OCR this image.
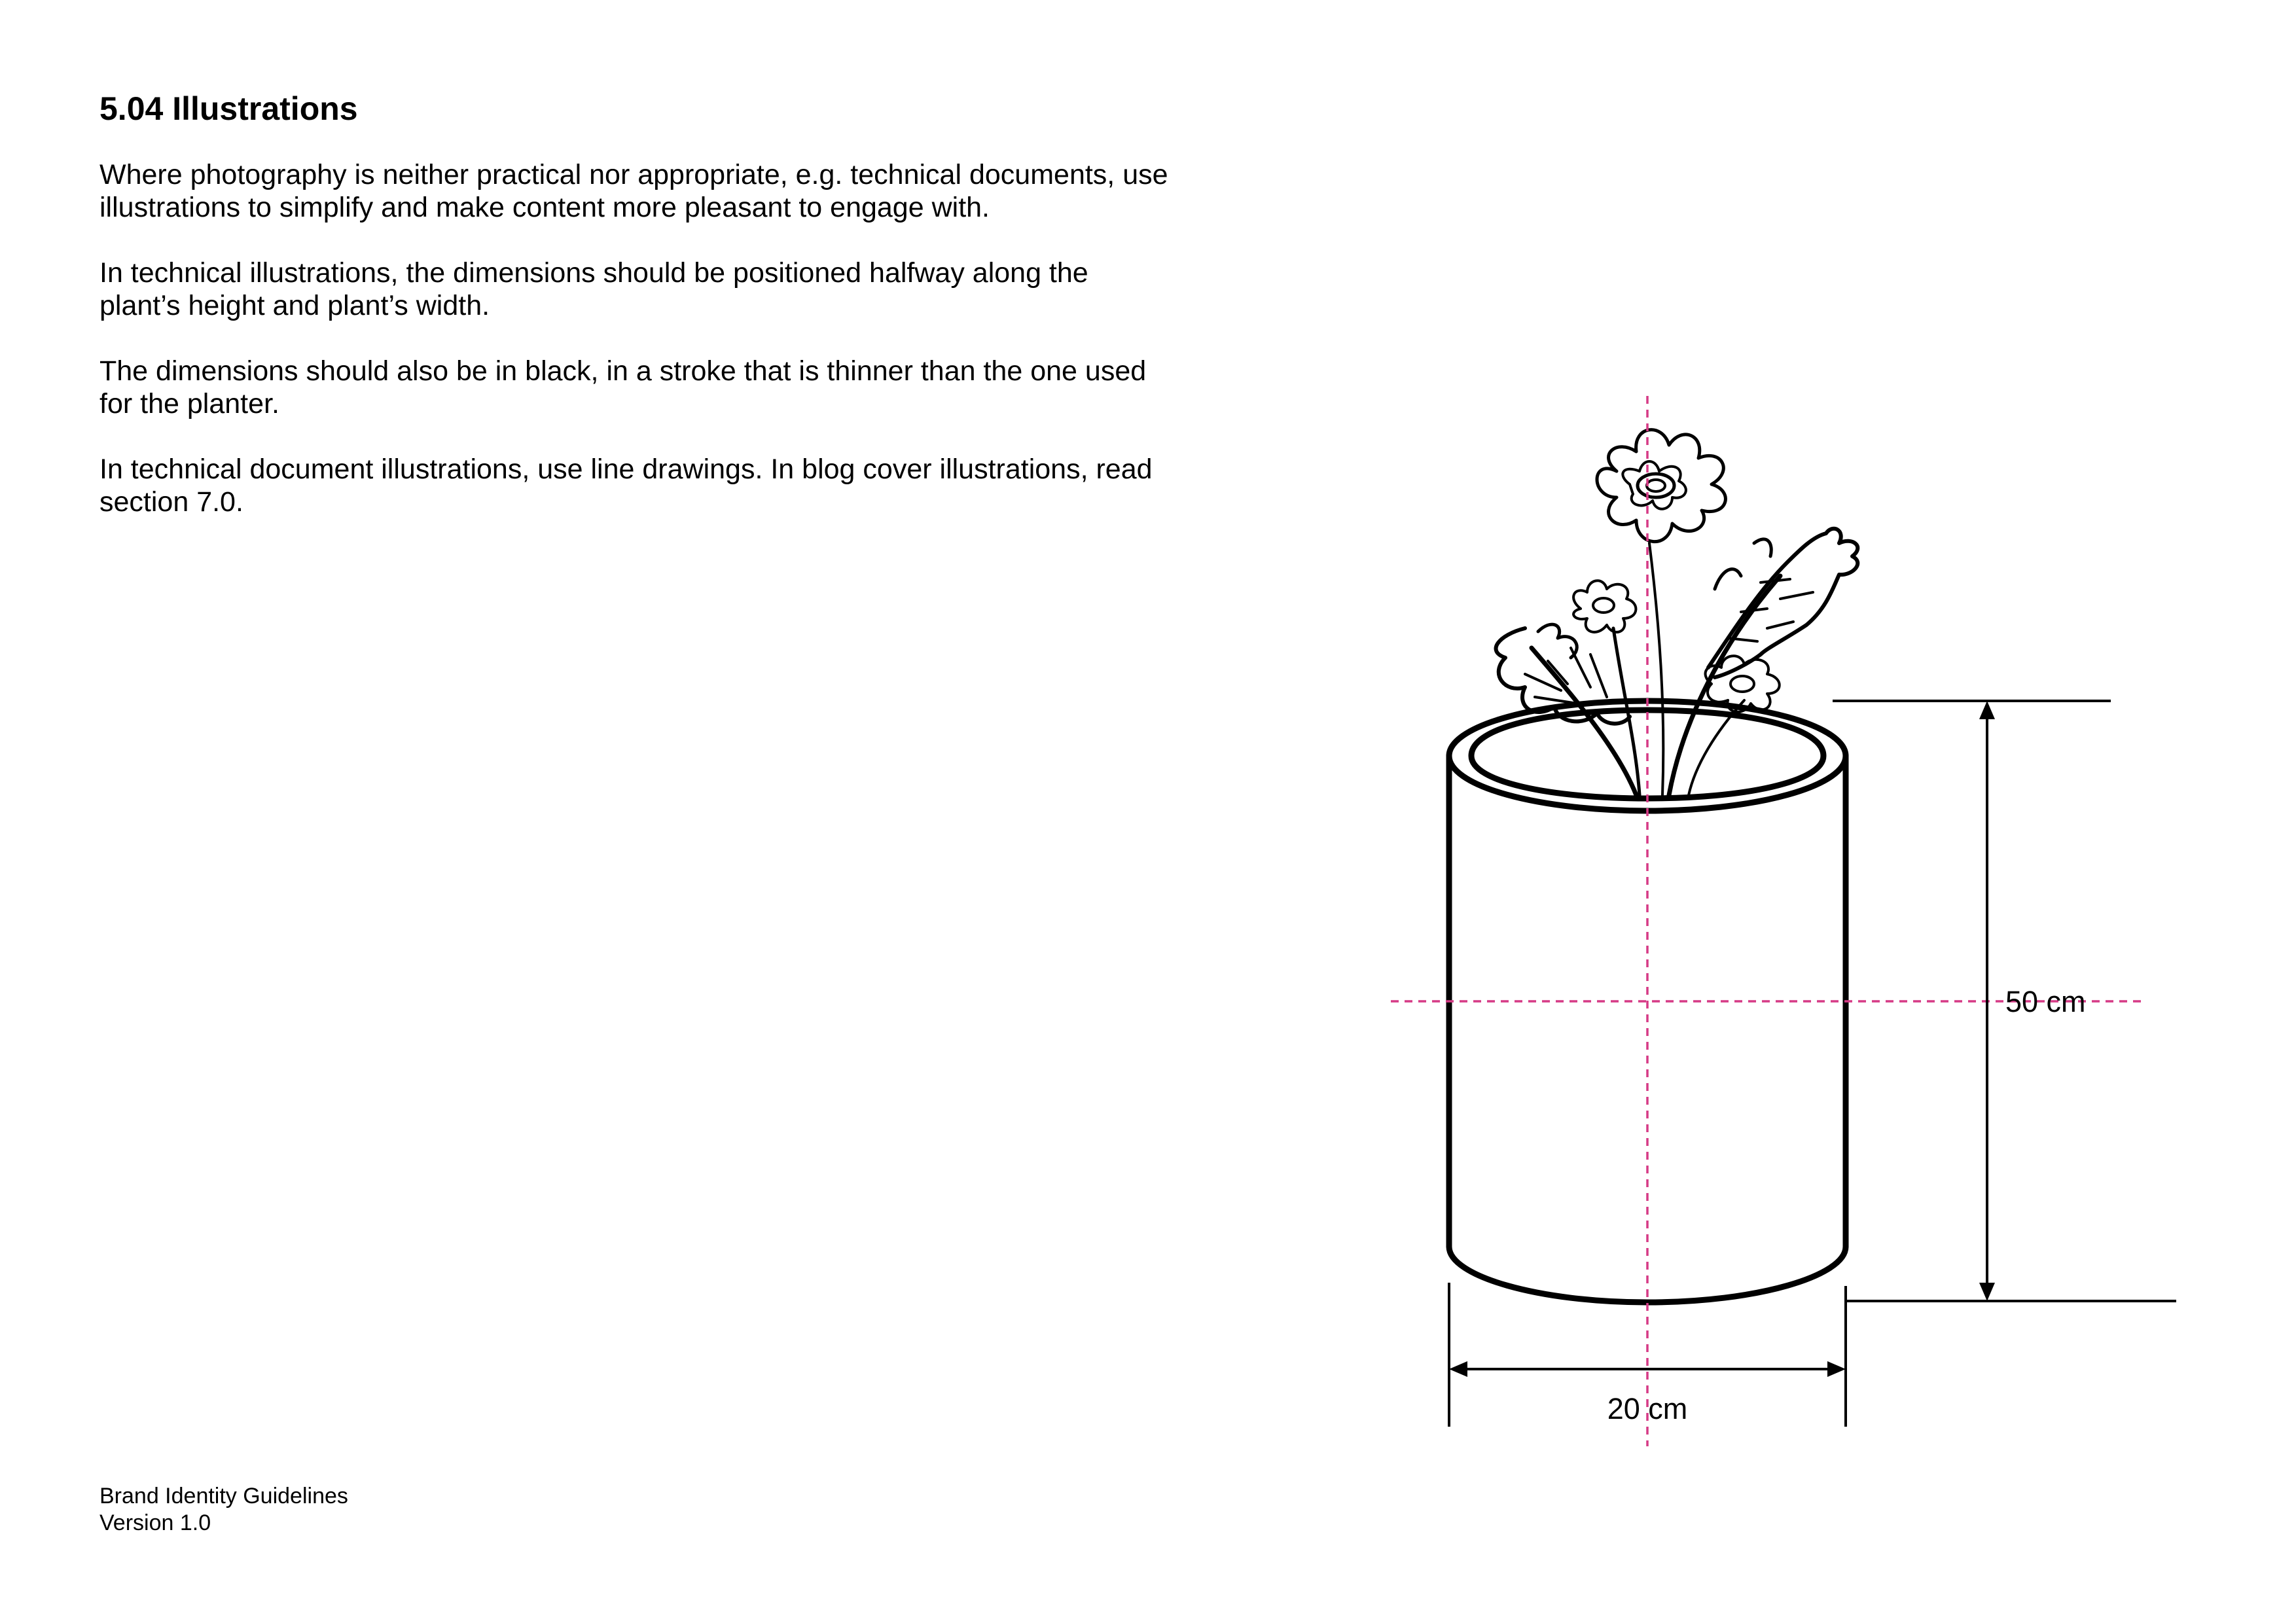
5.04 Illustrations

Where photography is neither practical nor appropriate, e.g. technical documents, use illustrations to simplify and make content more pleasant to engage with.

In technical illustrations, the dimensions should be positioned halfway along the plant’s height and plant’s width.

The dimensions should also be in black, in a stroke that is thinner than the one used for the planter.

In technical document illustrations, use line drawings. In blog cover illustrations, read section 7.0.

50 cm
20 cm
Brand Identity Guidelines
Version 1.0
